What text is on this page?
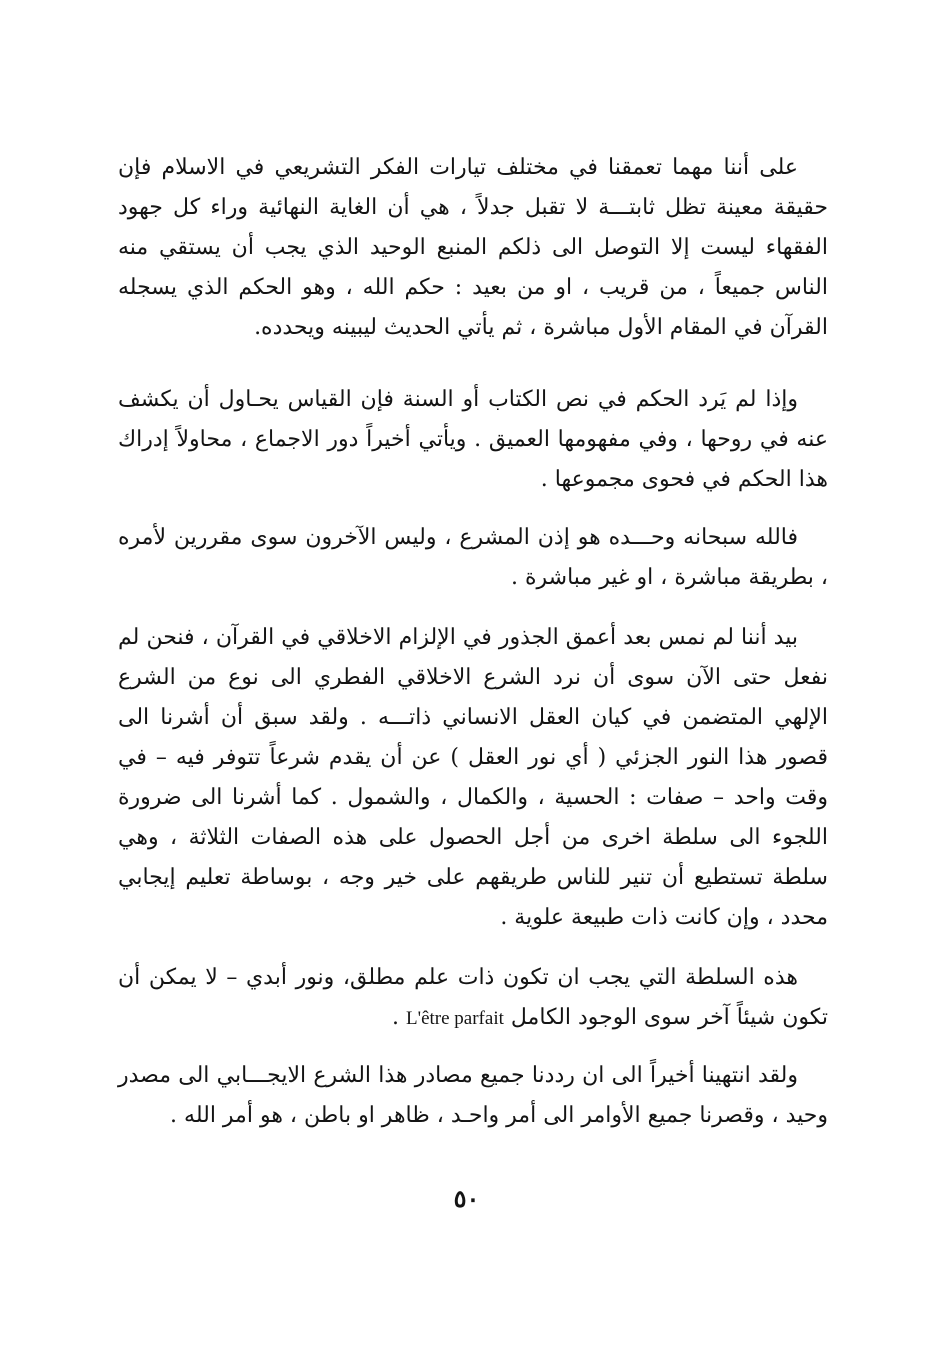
على أننا مهما تعمقنا في مختلف تيارات الفكر التشريعي في الاسلام فإن حقيقة معينة تظل ثابتـــة لا تقبل جدلاً ، هي أن الغاية النهائية وراء كل جهود الفقهاء ليست إلا التوصل الى ذلكم المنبع الوحيد الذي يجب أن يستقي منه الناس جميعاً ، من قريب ، او من بعيد : حكم الله ، وهو الحكم الذي يسجله القرآن في المقام الأول مباشرة ، ثم يأتي الحديث ليبينه ويحدده.

وإذا لم يَرد الحكم في نص الكتاب أو السنة فإن القياس يحـاول أن يكشف عنه في روحها ، وفي مفهومها العميق . ويأتي أخيراً دور الاجماع ، محاولاً إدراك هذا الحكم في فحوى مجموعها .

فالله سبحانه وحـــده هو إذن المشرع ، وليس الآخرون سوى مقررين لأمره ، بطريقة مباشرة ، او غير مباشرة .

بيد أننا لم نمس بعد أعمق الجذور في الإلزام الاخلاقي في القرآن ، فنحن لم نفعل حتى الآن سوى أن نرد الشرع الاخلاقي الفطري الى نوع من الشرع الإلهي المتضمن في كيان العقل الانساني ذاتـــه . ولقد سبق أن أشرنا الى قصور هذا النور الجزئي ( أي نور العقل ) عن أن يقدم شرعاً تتوفر فيه – في وقت واحد – صفات : الحسية ، والكمال ، والشمول . كما أشرنا الى ضرورة اللجوء الى سلطة اخرى من أجل الحصول على هذه الصفات الثلاثة ، وهي سلطة تستطيع أن تنير للناس طريقهم على خير وجه ، بوساطة تعليم إيجابي محدد ، وإن كانت ذات طبيعة علوية .

هذه السلطة التي يجب ان تكون ذات علم مطلق، ونور أبدي – لا يمكن أن تكون شيئاً آخر سوى الوجود الكامل L'être parfait .

ولقد انتهينا أخيراً الى ان رددنا جميع مصادر هذا الشرع الايجـــابي الى مصدر وحيد ، وقصرنا جميع الأوامر الى أمر واحـد ، ظاهر او باطن ، هو أمر الله .

٥٠
